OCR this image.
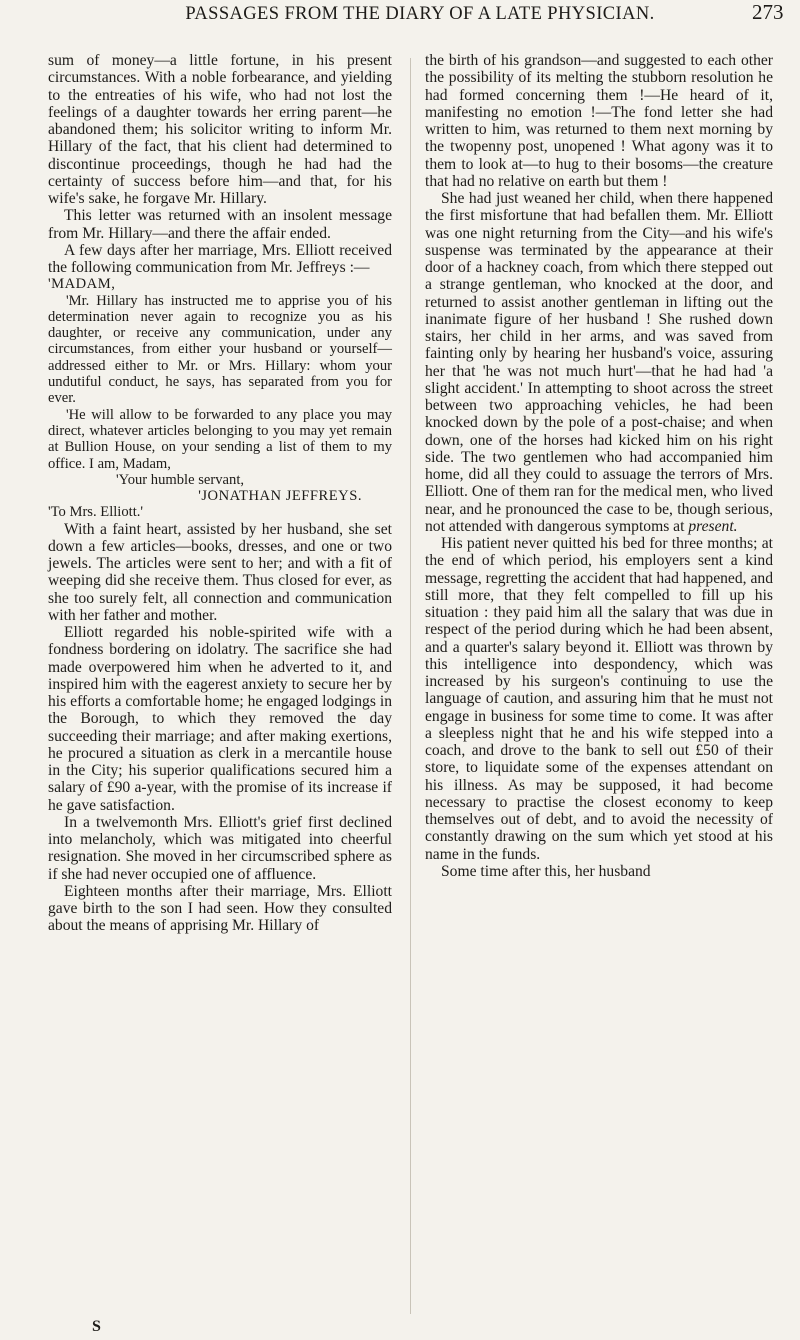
PASSAGES FROM THE DIARY OF A LATE PHYSICIAN.	273

sum of money—a little fortune, in his present circumstances. With a noble forbearance, and yielding to the entreaties of his wife, who had not lost the feelings of a daughter towards her erring parent—he abandoned them; his solicitor writing to inform Mr. Hillary of the fact, that his client had determined to discontinue proceedings, though he had had the certainty of success before him—and that, for his wife's sake, he forgave Mr. Hillary.

This letter was returned with an insolent message from Mr. Hillary—and there the affair ended.

A few days after her marriage, Mrs. Elliott received the following communication from Mr. Jeffreys :—

'MADAM,

'Mr. Hillary has instructed me to apprise you of his determination never again to recognize you as his daughter, or receive any communication, under any circumstances, from either your husband or yourself—addressed either to Mr. or Mrs. Hillary: whom your undutiful conduct, he says, has separated from you for ever.

'He will allow to be forwarded to any place you may direct, whatever articles belonging to you may yet remain at Bullion House, on your sending a list of them to my office. I am, Madam,

'Your humble servant,

'JONATHAN JEFFREYS.

'To Mrs. Elliott.'

With a faint heart, assisted by her husband, she set down a few articles—books, dresses, and one or two jewels. The articles were sent to her; and with a fit of weeping did she receive them. Thus closed for ever, as she too surely felt, all connection and communication with her father and mother.

Elliott regarded his noble-spirited wife with a fondness bordering on idolatry. The sacrifice she had made overpowered him when he adverted to it, and inspired him with the eagerest anxiety to secure her by his efforts a comfortable home; he engaged lodgings in the Borough, to which they removed the day succeeding their marriage; and after making exertions, he procured a situation as clerk in a mercantile house in the City; his superior qualifications secured him a salary of £90 a-year, with the promise of its increase if he gave satisfaction.

In a twelvemonth Mrs. Elliott's grief first declined into melancholy, which was mitigated into cheerful resignation. She moved in her circumscribed sphere as if she had never occupied one of affluence.

Eighteen months after their marriage, Mrs. Elliott gave birth to the son I had seen. How they consulted about the means of apprising Mr. Hillary of

the birth of his grandson—and suggested to each other the possibility of its melting the stubborn resolution he had formed concerning them !—He heard of it, manifesting no emotion !—The fond letter she had written to him, was returned to them next morning by the twopenny post, unopened ! What agony was it to them to look at—to hug to their bosoms—the creature that had no relative on earth but them !

She had just weaned her child, when there happened the first misfortune that had befallen them. Mr. Elliott was one night returning from the City—and his wife's suspense was terminated by the appearance at their door of a hackney coach, from which there stepped out a strange gentleman, who knocked at the door, and returned to assist another gentleman in lifting out the inanimate figure of her husband ! She rushed down stairs, her child in her arms, and was saved from fainting only by hearing her husband's voice, assuring her that 'he was not much hurt'—that he had had 'a slight accident.' In attempting to shoot across the street between two approaching vehicles, he had been knocked down by the pole of a post-chaise; and when down, one of the horses had kicked him on his right side. The two gentlemen who had accompanied him home, did all they could to assuage the terrors of Mrs. Elliott. One of them ran for the medical men, who lived near, and he pronounced the case to be, though serious, not attended with dangerous symptoms at present.

His patient never quitted his bed for three months; at the end of which period, his employers sent a kind message, regretting the accident that had happened, and still more, that they felt compelled to fill up his situation : they paid him all the salary that was due in respect of the period during which he had been absent, and a quarter's salary beyond it. Elliott was thrown by this intelligence into despondency, which was increased by his surgeon's continuing to use the language of caution, and assuring him that he must not engage in business for some time to come. It was after a sleepless night that he and his wife stepped into a coach, and drove to the bank to sell out £50 of their store, to liquidate some of the expenses attendant on his illness. As may be supposed, it had become necessary to practise the closest economy to keep themselves out of debt, and to avoid the necessity of constantly drawing on the sum which yet stood at his name in the funds.

Some time after this, her husband

S
